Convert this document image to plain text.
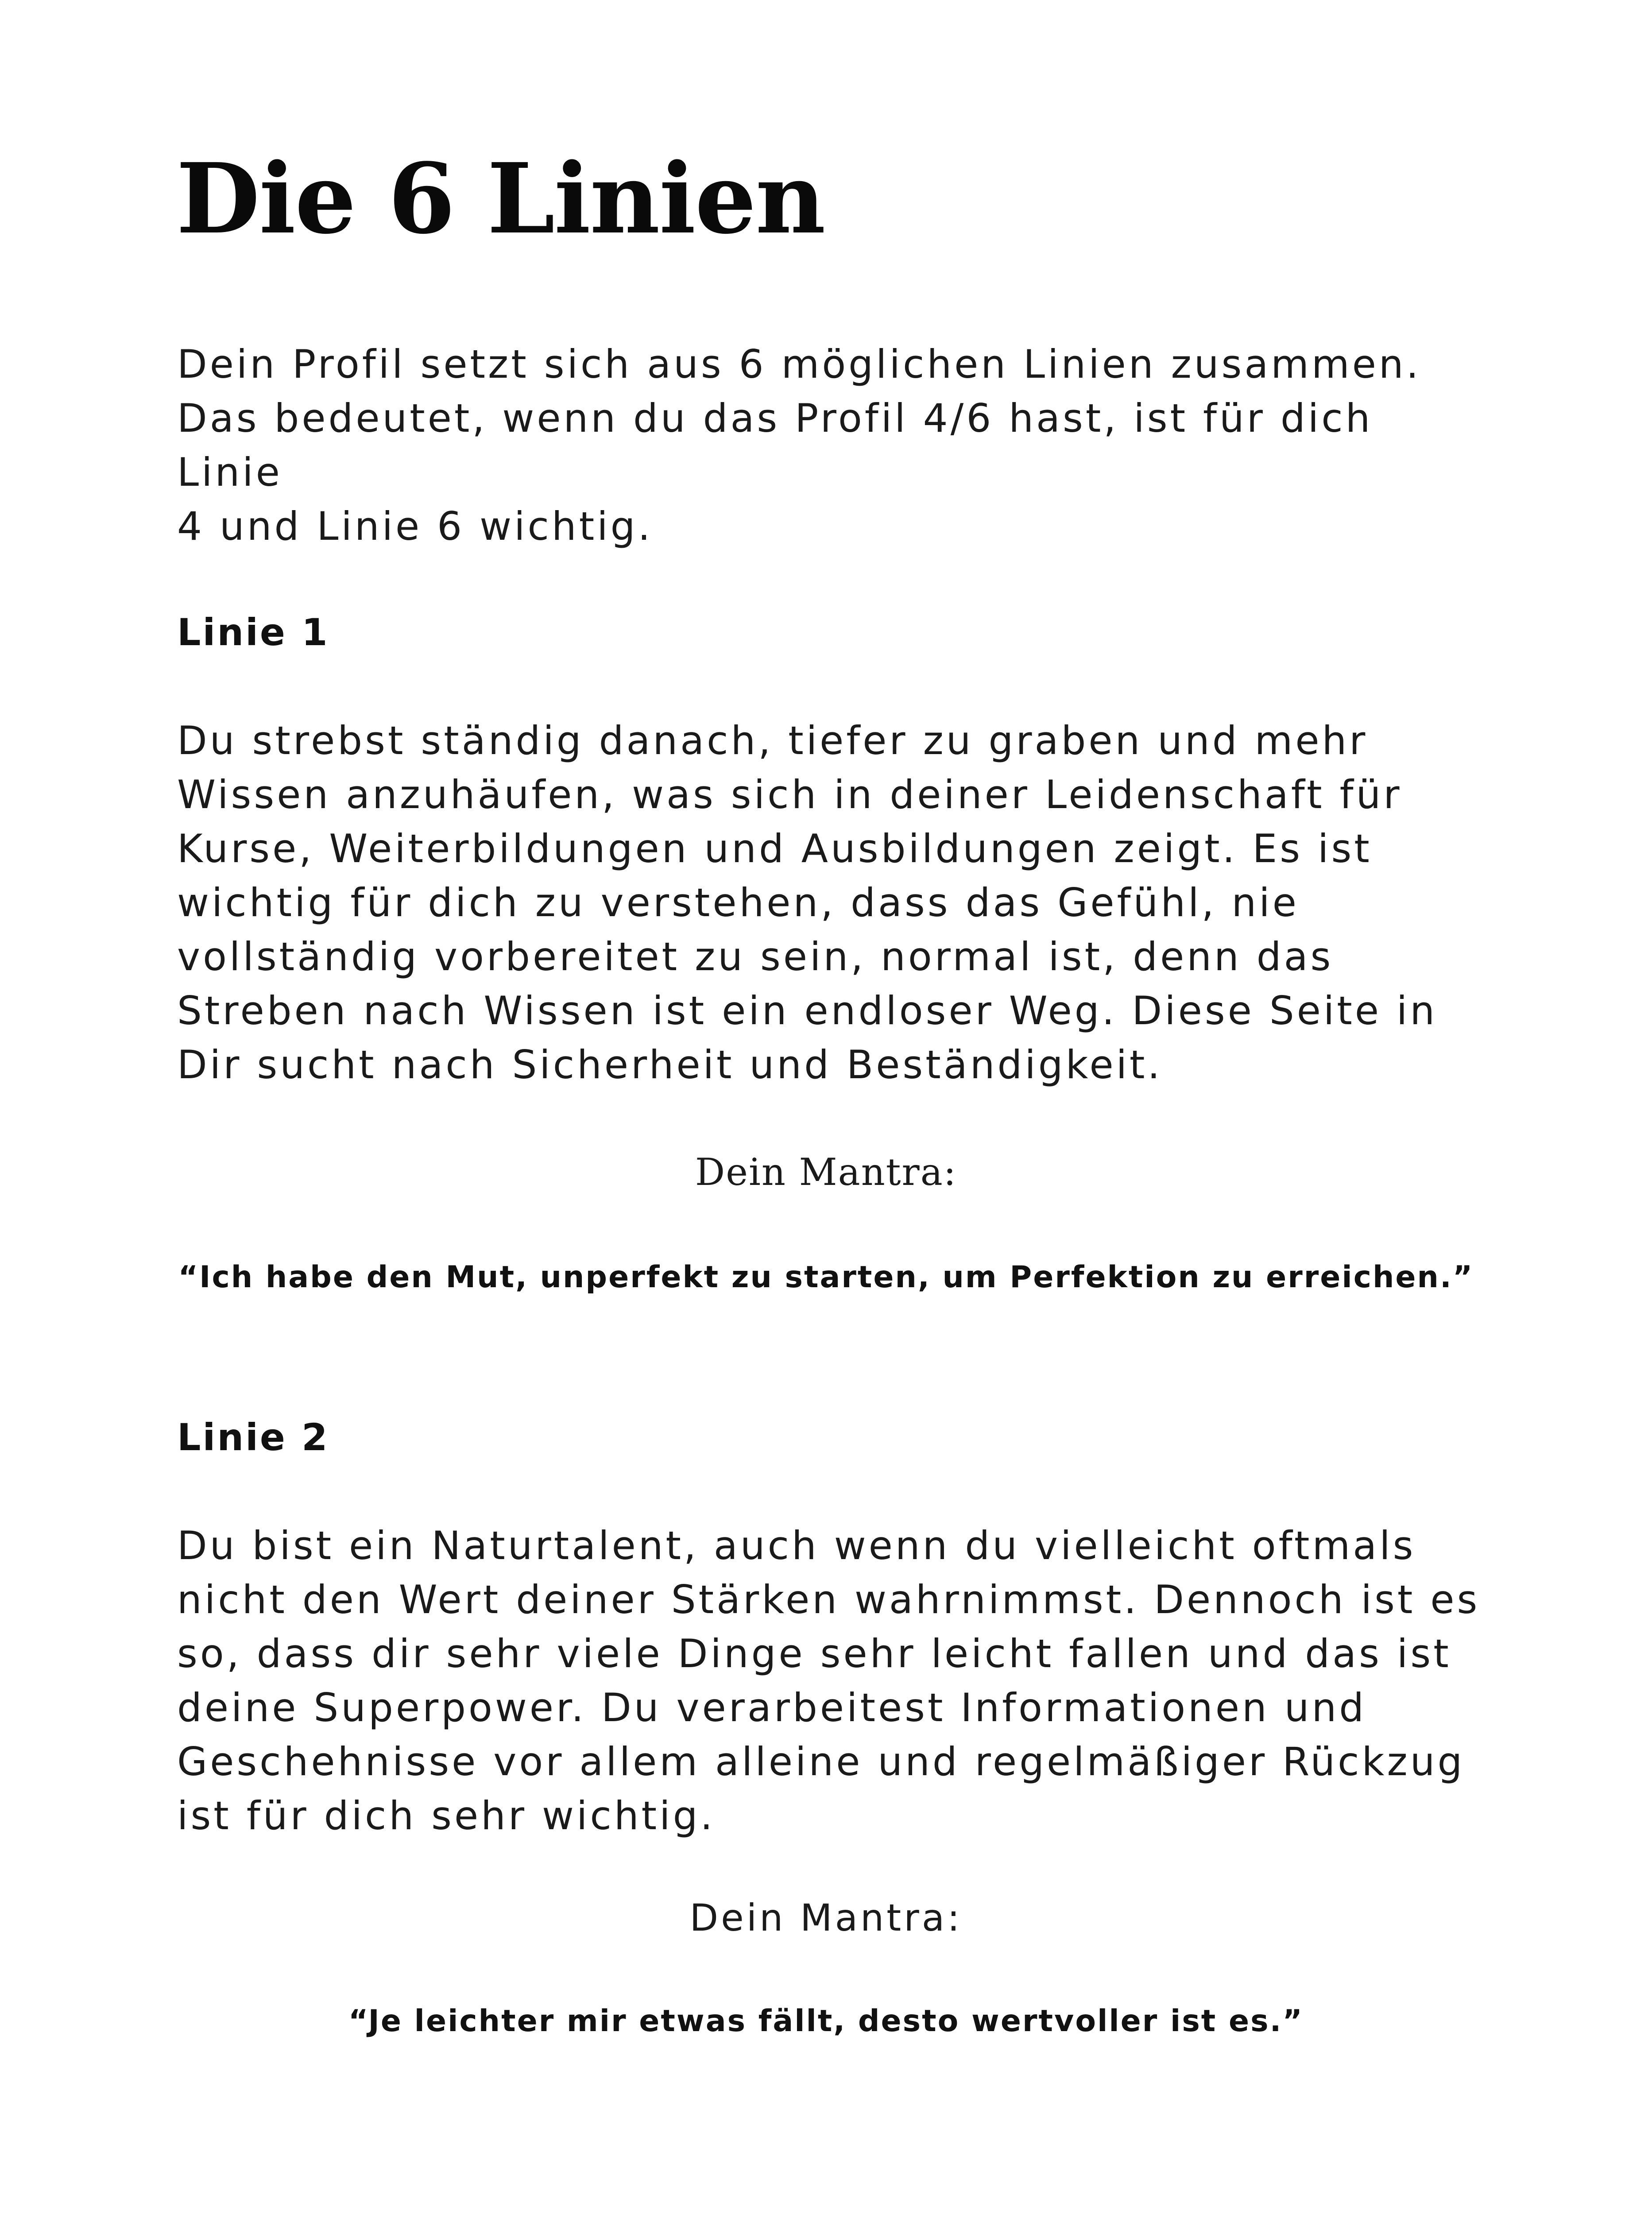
Die 6 Linien
Dein Profil setzt sich aus 6 möglichen Linien zusammen.
Das bedeutet, wenn du das Profil 4/6 hast, ist für dich Linie
4 und Linie 6 wichtig.
Linie 1
Du strebst ständig danach, tiefer zu graben und mehr
Wissen anzuhäufen, was sich in deiner Leidenschaft für
Kurse, Weiterbildungen und Ausbildungen zeigt. Es ist
wichtig für dich zu verstehen, dass das Gefühl, nie
vollständig vorbereitet zu sein, normal ist, denn das
Streben nach Wissen ist ein endloser Weg. Diese Seite in
Dir sucht nach Sicherheit und Beständigkeit.

Dein Mantra:

“Ich habe den Mut, unperfekt zu starten, um Perfektion zu erreichen.”

Linie 2
Du bist ein Naturtalent, auch wenn du vielleicht oftmals
nicht den Wert deiner Stärken wahrnimmst. Dennoch ist es
so, dass dir sehr viele Dinge sehr leicht fallen und das ist
deine Superpower. Du verarbeitest Informationen und
Geschehnisse vor allem alleine und regelmäßiger Rückzug
ist für dich sehr wichtig.

Dein Mantra:

“Je leichter mir etwas fällt, desto wertvoller ist es.”
